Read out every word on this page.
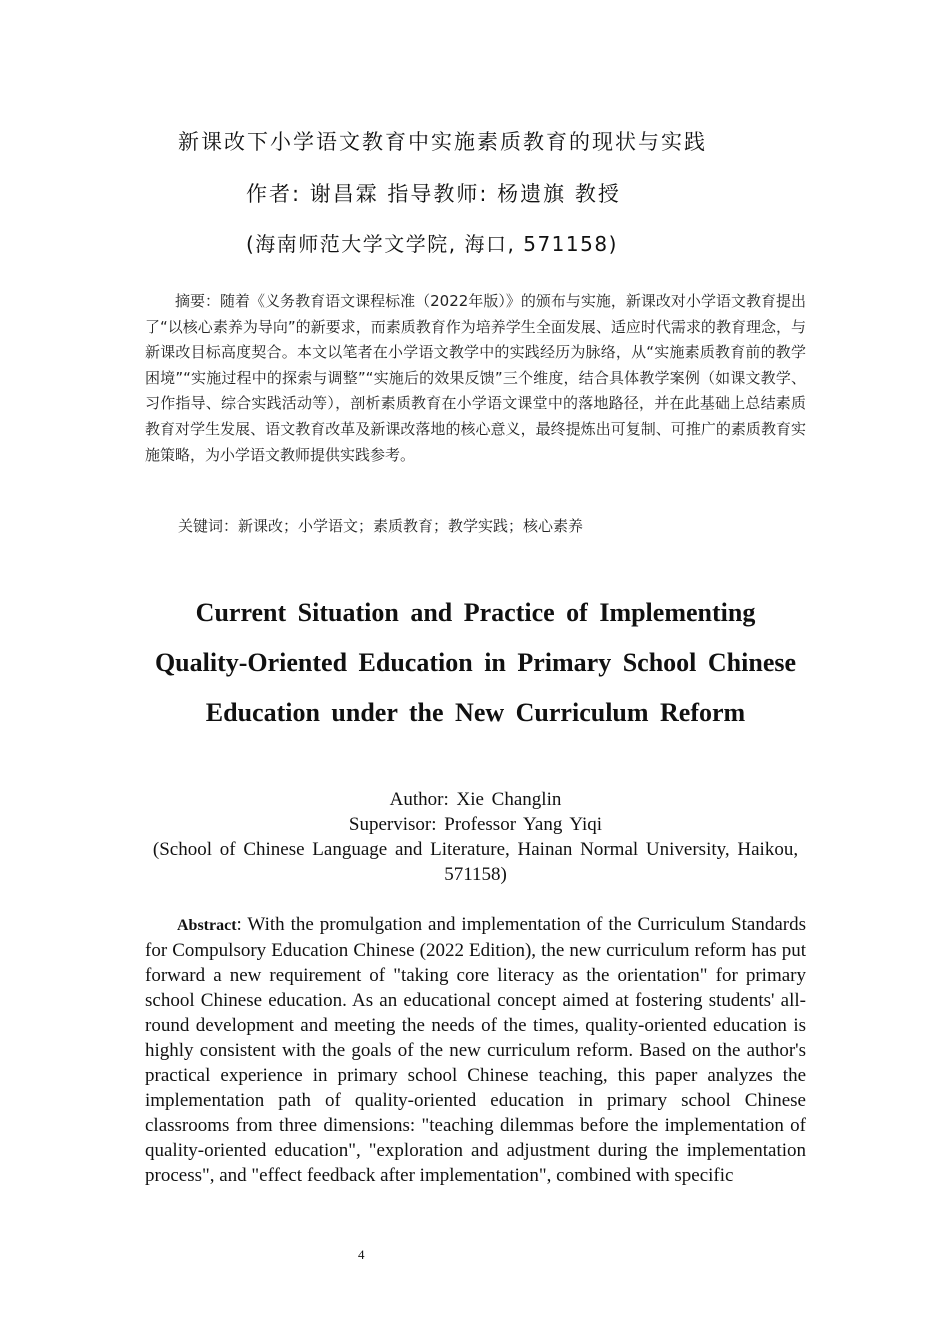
新课改下小学语文教育中实施素质教育的现状与实践
作者: 谢昌霖 指导教师: 杨遗旗 教授
(海南师范大学文学院, 海口, 571158)
摘要：随着《义务教育语文课程标准（2022年版）》的颁布与实施，新课改对小学语文教育提出了“以核心素养为导向”的新要求，而素质教育作为培养学生全面发展、适应时代需求的教育理念，与新课改目标高度契合。本文以笔者在小学语文教学中的实践经历为脉络，从“实施素质教育前的教学困境”“实施过程中的探索与调整”“实施后的效果反馈”三个维度，结合具体教学案例（如课文教学、习作指导、综合实践活动等），剖析素质教育在小学语文课堂中的落地路径，并在此基础上总结素质教育对学生发展、语文教育改革及新课改落地的核心意义，最终提炼出可复制、可推广的素质教育实施策略，为小学语文教师提供实践参考。
关键词：新课改；小学语文；素质教育；教学实践；核心素养
Current Situation and Practice of Implementing Quality-Oriented Education in Primary School Chinese Education under the New Curriculum Reform
Author: Xie Changlin
Supervisor: Professor Yang Yiqi
(School of Chinese Language and Literature, Hainan Normal University, Haikou, 571158)
Abstract: With the promulgation and implementation of the Curriculum Standards for Compulsory Education Chinese (2022 Edition), the new curriculum reform has put forward a new requirement of "taking core literacy as the orientation" for primary school Chinese education. As an educational concept aimed at fostering students' all-round development and meeting the needs of the times, quality-oriented education is highly consistent with the goals of the new curriculum reform. Based on the author's practical experience in primary school Chinese teaching, this paper analyzes the implementation path of quality-oriented education in primary school Chinese classrooms from three dimensions: "teaching dilemmas before the implementation of quality-oriented education", "exploration and adjustment during the implementation process", and "effect feedback after implementation", combined with specific
4
